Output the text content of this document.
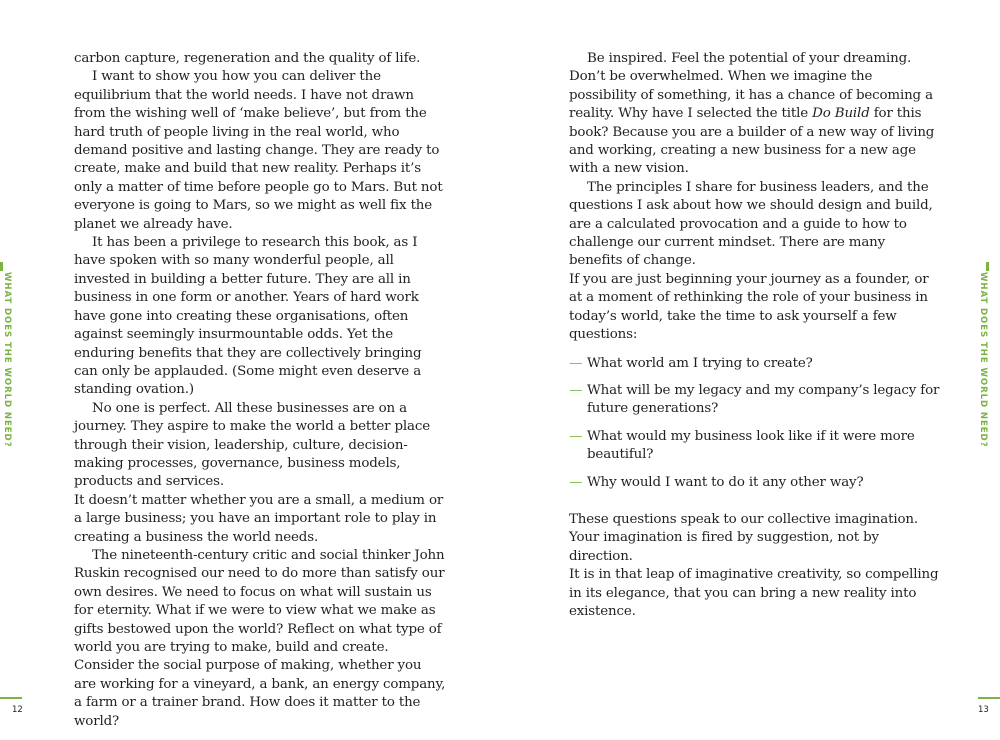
WHAT DOES THE WORLD NEED?

carbon capture, regeneration and the quality of life.

I want to show you how you can deliver the equilibrium that the world needs. I have not drawn from the wishing well of ‘make believe’, but from the hard truth of people living in the real world, who demand positive and lasting change. They are ready to create, make and build that new reality. Perhaps it’s only a matter of time before people go to Mars. But not everyone is going to Mars, so we might as well fix the planet we already have.

It has been a privilege to research this book, as I have spoken with so many wonderful people, all invested in building a better future. They are all in business in one form or another. Years of hard work have gone into creating these organisations, often against seemingly insurmountable odds. Yet the enduring benefits that they are collectively bringing can only be applauded. (Some might even deserve a standing ovation.)

No one is perfect. All these businesses are on a journey. They aspire to make the world a better place through their vision, leadership, culture, decision-making processes, governance, business models, products and services.

It doesn’t matter whether you are a small, a medium or a large business; you have an important role to play in creating a business the world needs.

The nineteenth-century critic and social thinker John Ruskin recognised our need to do more than satisfy our own desires. We need to focus on what will sustain us for eternity. What if we were to view what we make as gifts bestowed upon the world? Reflect on what type of world you are trying to make, build and create. Consider the social purpose of making, whether you are working for a vineyard, a bank, an energy company, a farm or a trainer brand. How does it matter to the world?

12
WHAT DOES THE WORLD NEED?

Be inspired. Feel the potential of your dreaming. Don’t be overwhelmed. When we imagine the possibility of something, it has a chance of becoming a reality. Why have I selected the title Do Build for this book? Because you are a builder of a new way of living and working, creating a new business for a new age with a new vision.

The principles I share for business leaders, and the questions I ask about how we should design and build, are a calculated provocation and a guide to how to challenge our current mindset. There are many benefits of change.

If you are just beginning your journey as a founder, or at a moment of rethinking the role of your business in today’s world, take the time to ask yourself a few questions:

— What world am I trying to create?
— What will be my legacy and my company’s legacy for future generations?
— What would my business look like if it were more beautiful?
— Why would I want to do it any other way?

These questions speak to our collective imagination.

Your imagination is fired by suggestion, not by direction.

It is in that leap of imaginative creativity, so compelling in its elegance, that you can bring a new reality into existence.

13
